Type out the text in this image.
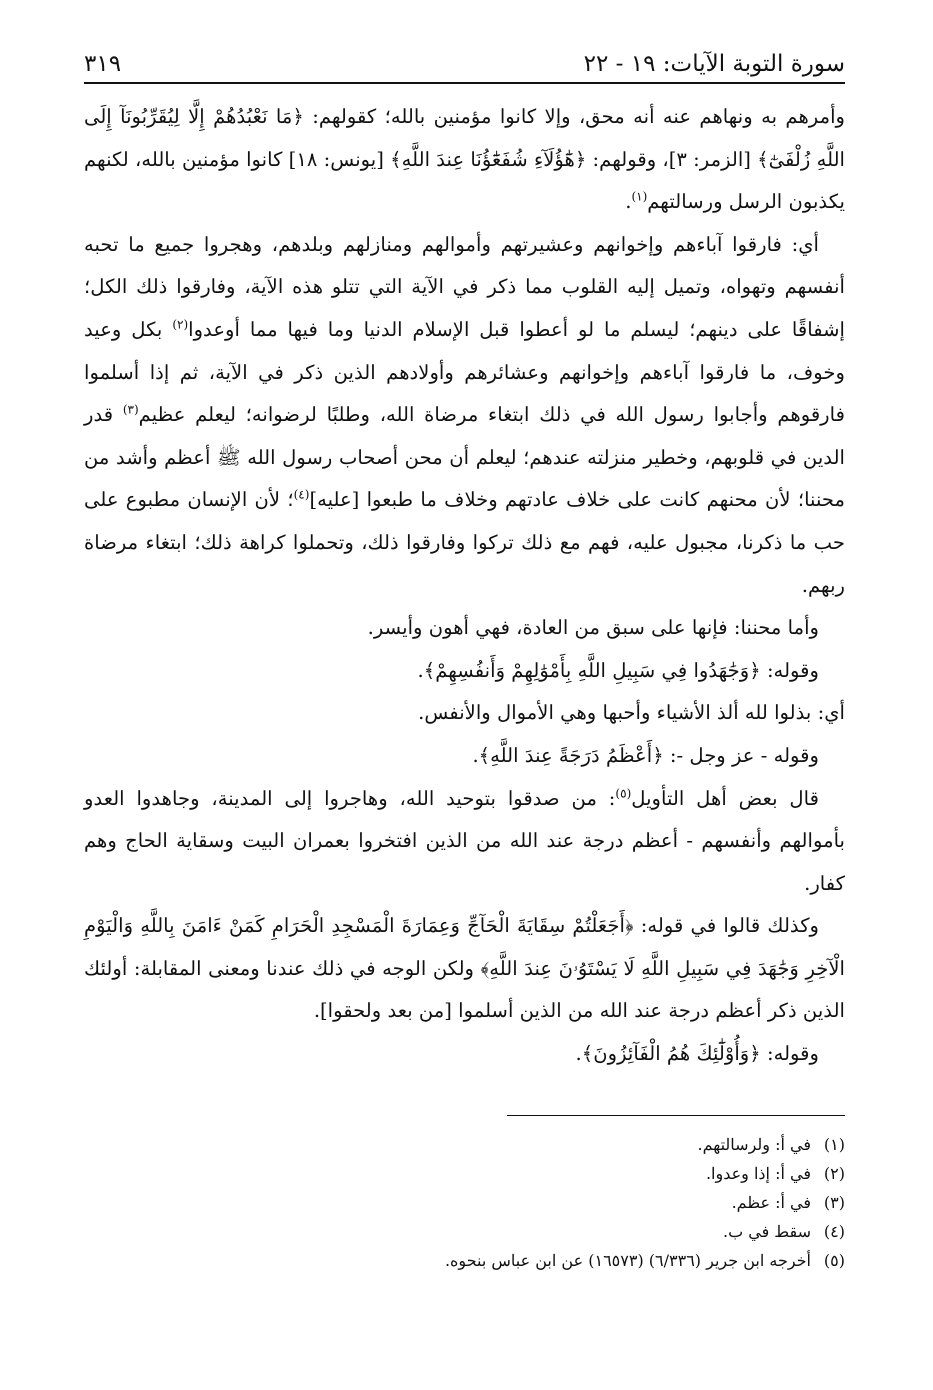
سورة التوبة الآيات: ١٩ - ٢٢
٣١٩

وأمرهم به ونهاهم عنه أنه محق، وإلا كانوا مؤمنين بالله؛ كقولهم: ﴿مَا نَعْبُدُهُمْ إِلَّا لِيُقَرِّبُونَآ إِلَى اللَّهِ زُلْفَىٰٓ﴾ [الزمر: ٣]، وقولهم: ﴿هَٰٓؤُلَآءِ شُفَعَٰٓؤُنَا عِندَ اللَّهِ﴾ [يونس: ١٨] كانوا مؤمنين بالله، لكنهم يكذبون الرسل ورسالتهم$^{(١)}$.

أي: فارقوا آباءهم وإخوانهم وعشيرتهم وأموالهم ومنازلهم وبلدهم، وهجروا جميع ما تحبه أنفسهم وتهواه، وتميل إليه القلوب مما ذكر في الآية التي تتلو هذه الآية، وفارقوا ذلك الكل؛ إشفاقًا على دينهم؛ ليسلم ما لو أعطوا قبل الإسلام الدنيا وما فيها مما أوعدوا$^{(٢)}$ بكل وعيد وخوف، ما فارقوا آباءهم وإخوانهم وعشائرهم وأولادهم الذين ذكر في الآية، ثم إذا أسلموا فارقوهم وأجابوا رسول الله في ذلك ابتغاء مرضاة الله، وطلبًا لرضوانه؛ ليعلم عظيم$^{(٣)}$ قدر الدين في قلوبهم، وخطير منزلته عندهم؛ ليعلم أن محن أصحاب رسول الله ﷺ أعظم وأشد من محننا؛ لأن محنهم كانت على خلاف عادتهم وخلاف ما طبعوا [عليه]$^{(٤)}$؛ لأن الإنسان مطبوع على حب ما ذكرنا، مجبول عليه، فهم مع ذلك تركوا وفارقوا ذلك، وتحملوا كراهة ذلك؛ ابتغاء مرضاة ربهم.

وأما محننا: فإنها على سبق من العادة، فهي أهون وأيسر.

وقوله: ﴿وَجَٰهَدُوا فِي سَبِيلِ اللَّهِ بِأَمْوَٰلِهِمْ وَأَنفُسِهِمْ﴾.

أي: بذلوا لله ألذ الأشياء وأحبها وهي الأموال والأنفس.

وقوله - عز وجل -: ﴿أَعْظَمُ دَرَجَةً عِندَ اللَّهِ﴾.

قال بعض أهل التأويل$^{(٥)}$: من صدقوا بتوحيد الله، وهاجروا إلى المدينة، وجاهدوا العدو بأموالهم وأنفسهم - أعظم درجة عند الله من الذين افتخروا بعمران البيت وسقاية الحاج وهم كفار.

وكذلك قالوا في قوله: ﴿أَجَعَلْتُمْ سِقَايَةَ الْحَآجِّ وَعِمَارَةَ الْمَسْجِدِ الْحَرَامِ كَمَنْ ءَامَنَ بِاللَّهِ وَالْيَوْمِ الْآخِرِ وَجَٰهَدَ فِي سَبِيلِ اللَّهِ لَا يَسْتَوُۥنَ عِندَ اللَّهِ﴾ ولكن الوجه في ذلك عندنا ومعنى المقابلة: أولئك الذين ذكر أعظم درجة عند الله من الذين أسلموا [من بعد ولحقوا].

وقوله: ﴿وَأُوْلَٰٓئِكَ هُمُ الْفَآئِزُونَ﴾.

(١)
في أ: ولرسالتهم.
(٢)
في أ: إذا وعدوا.
(٣)
في أ: عظم.
(٤)
سقط في ب.
(٥)
أخرجه ابن جرير (٦/٣٣٦) (١٦٥٧٣) عن ابن عباس بنحوه.
